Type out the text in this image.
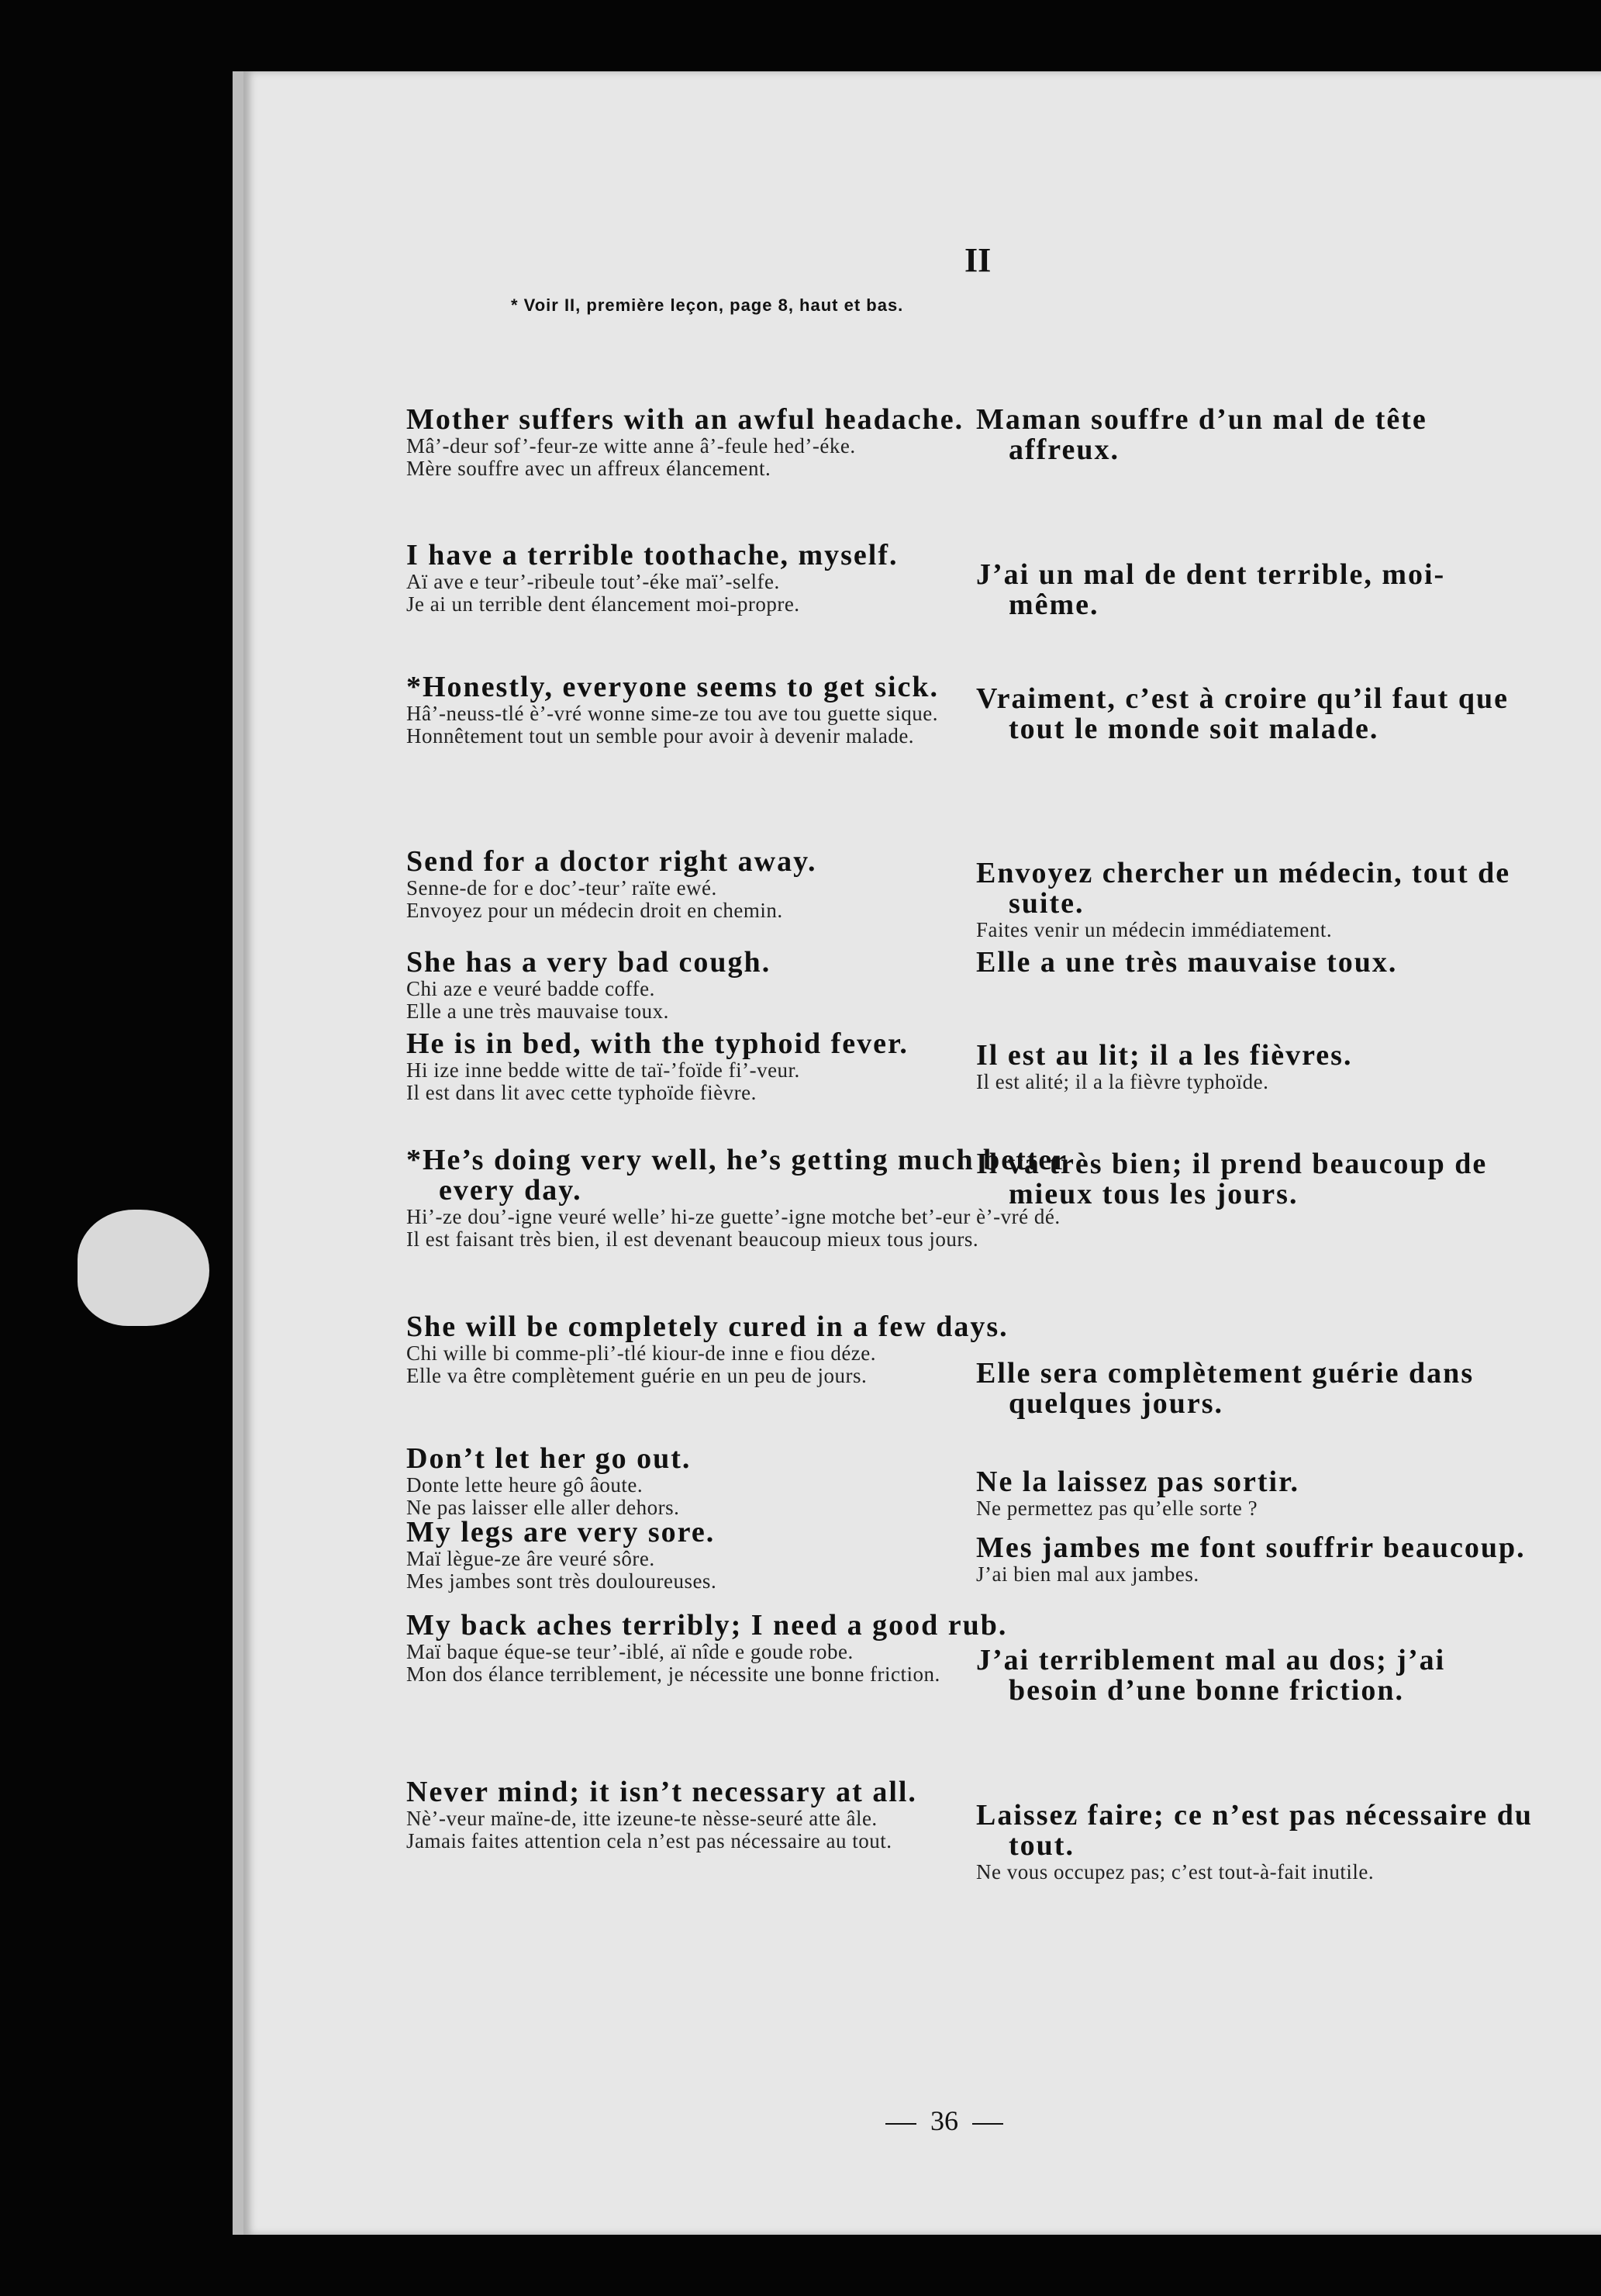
II
* Voir II, première leçon, page 8, haut et bas.
Mother suffers with an awful headache.
Mâ’-deur sof’-feur-ze witte anne â’-feule hed’-éke.
Mère souffre avec un affreux élancement.
I have a terrible toothache, myself.
Aï ave e teur’-ribeule tout’-éke maï’-selfe.
Je ai un terrible dent élancement moi-propre.
*Honestly, everyone seems to get sick.
Hâ’-neuss-tlé è’-vré wonne sime-ze tou ave tou guette sique.
Honnêtement tout un semble pour avoir à devenir malade.
Send for a doctor right away.
Senne-de for e doc’-teur’ raïte ewé.
Envoyez pour un médecin droit en chemin.
She has a very bad cough.
Chi aze e veuré badde coffe.
Elle a une très mauvaise toux.
He is in bed, with the typhoid fever.
Hi ize inne bedde witte de taï-’foïde fi’-veur.
Il est dans lit avec cette typhoïde fièvre.
*He’s doing very well, he’s getting much better every day.
Hi’-ze dou’-igne veuré welle’ hi-ze guette’-igne motche bet’-eur è’-vré dé.
Il est faisant très bien, il est devenant beaucoup mieux tous jours.
She will be completely cured in a few days.
Chi wille bi comme-pli’-tlé kiour-de inne e fiou déze.
Elle va être complètement guérie en un peu de jours.
Don’t let her go out.
Donte lette heure gô âoute.
Ne pas laisser elle aller dehors.
My legs are very sore.
Maï lègue-ze âre veuré sôre.
Mes jambes sont très douloureuses.
My back aches terribly; I need a good rub.
Maï baque éque-se teur’-iblé, aï nîde e goude robe.
Mon dos élance terriblement, je nécessite une bonne friction.
Never mind; it isn’t necessary at all.
Nè’-veur maïne-de, itte izeune-te nèsse-seuré atte âle.
Jamais faites attention cela n’est pas nécessaire au tout.
Maman souffre d’un mal de tête affreux.
J’ai un mal de dent terrible, moi-même.
Vraiment, c’est à croire qu’il faut que tout le monde soit malade.
Envoyez chercher un médecin, tout de suite.
Faites venir un médecin immédiatement.
Elle a une très mauvaise toux.
Il est au lit; il a les fièvres.
Il est alité; il a la fièvre typhoïde.
Il va très bien; il prend beaucoup de mieux tous les jours.
Elle sera complètement guérie dans quelques jours.
Ne la laissez pas sortir.
Ne permettez pas qu’elle sorte ?
Mes jambes me font souffrir beaucoup.
J’ai bien mal aux jambes.
J’ai terriblement mal au dos; j’ai besoin d’une bonne friction.
Laissez faire; ce n’est pas nécessaire du tout.
Ne vous occupez pas; c’est tout-à-fait inutile.
36
